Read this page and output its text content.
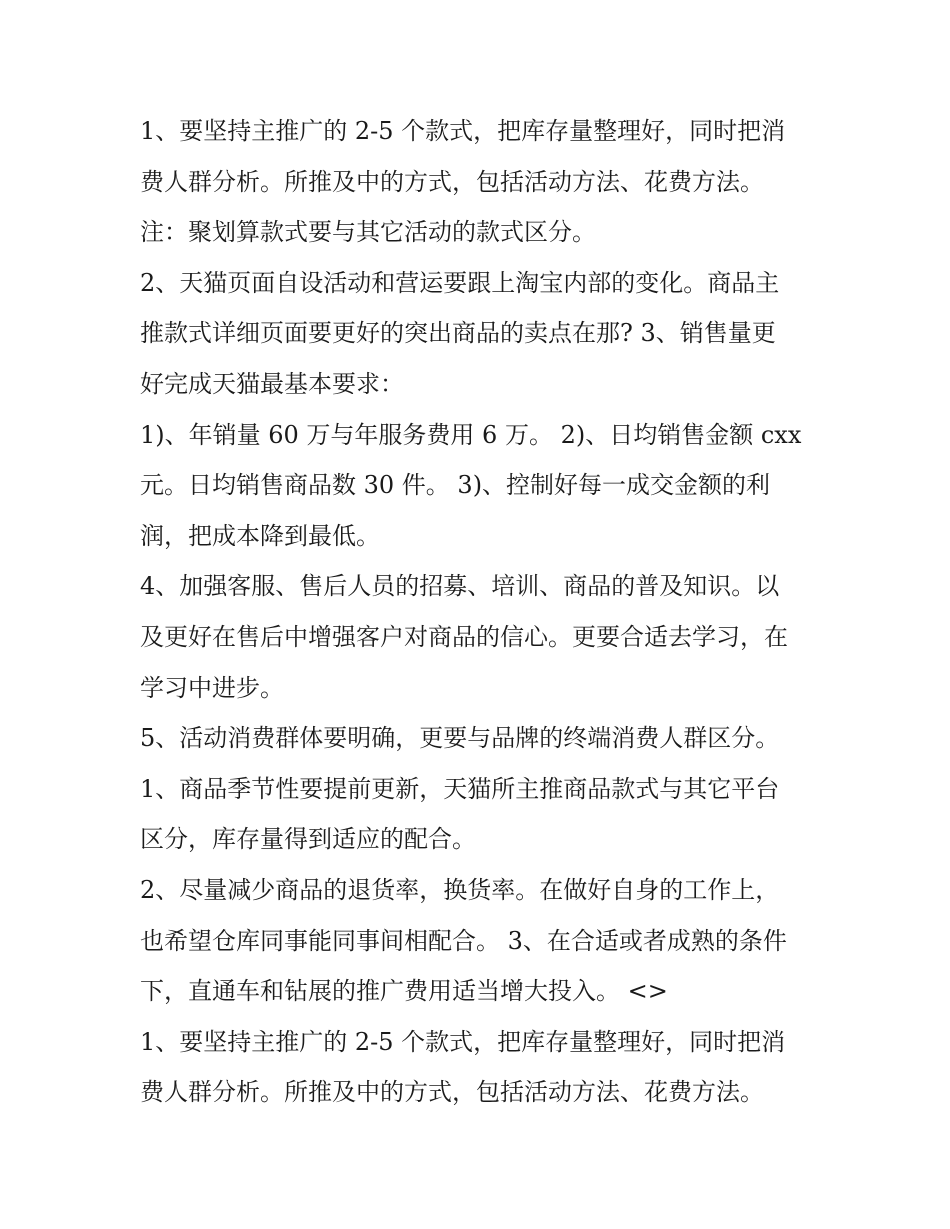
1、要坚持主推广的 2-5 个款式，把库存量整理好，同时把消
费人群分析。所推及中的方式，包括活动方法、花费方法。
注：聚划算款式要与其它活动的款式区分。
2、天猫页面自设活动和营运要跟上淘宝内部的变化。商品主
推款式详细页面要更好的突出商品的卖点在那? 3、销售量更
好完成天猫最基本要求：
1)、年销量 60 万与年服务费用 6 万。 2)、日均销售金额 cxx
元。日均销售商品数 30 件。 3)、控制好每一成交金额的利
润，把成本降到最低。
4、加强客服、售后人员的招募、培训、商品的普及知识。以
及更好在售后中增强客户对商品的信心。更要合适去学习，在
学习中进步。
5、活动消费群体要明确，更要与品牌的终端消费人群区分。
1、商品季节性要提前更新，天猫所主推商品款式与其它平台
区分，库存量得到适应的配合。
2、尽量减少商品的退货率，换货率。在做好自身的工作上，
也希望仓库同事能同事间相配合。 3、在合适或者成熟的条件
下，直通车和钻展的推广费用适当增大投入。 <>
1、要坚持主推广的 2-5 个款式，把库存量整理好，同时把消
费人群分析。所推及中的方式，包括活动方法、花费方法。
